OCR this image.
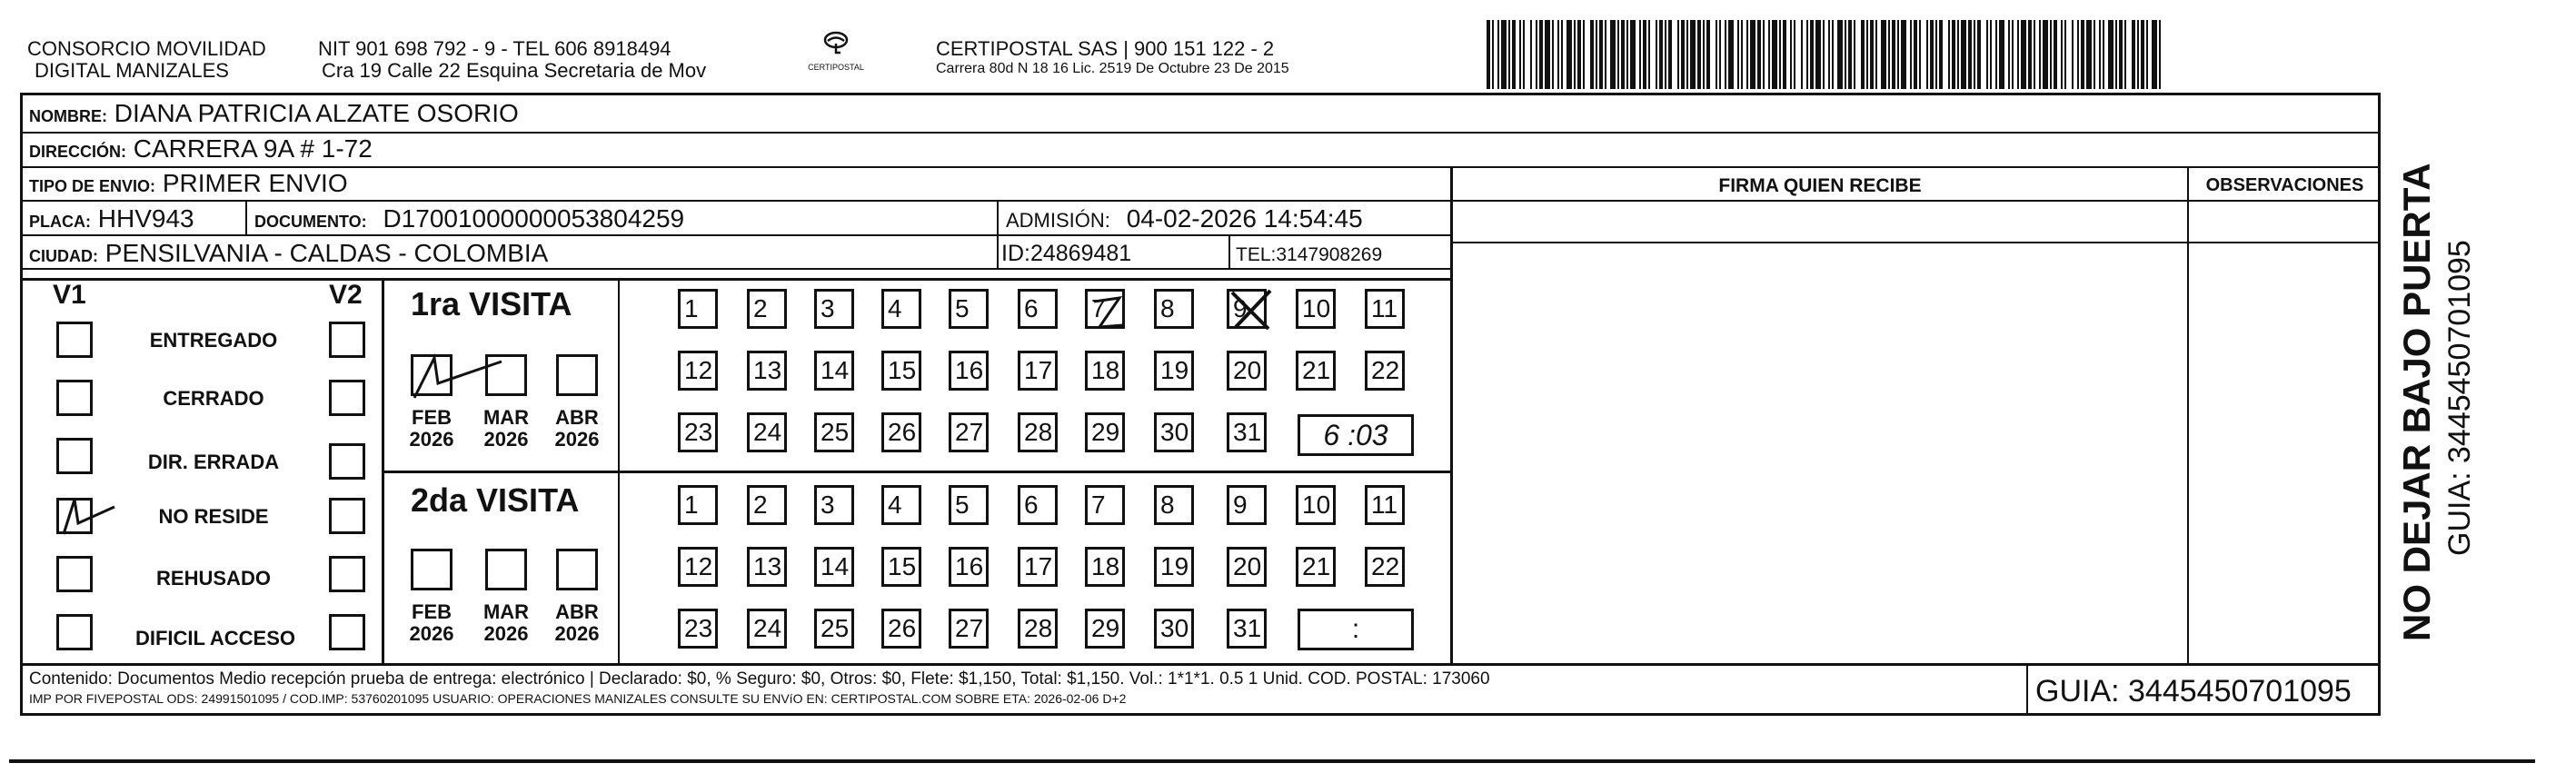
CONSORCIO MOVILIDAD
DIGITAL MANIZALES
NIT 901 698 792 - 9 - TEL 606 8918494
Cra 19 Calle 22 Esquina Secretaria de Mov	CERTIPOSTAL
CERTIPOSTAL SAS | 900 151 122 - 2
Carrera 80d N 18 16 Lic. 2519 De Octubre 23 De 2015
NOMBRE: DIANA PATRICIA ALZATE OSORIO
DIRECCIÓN: CARRERA 9A # 1-72
TIPO DE ENVIO: PRIMER ENVIO
PLACA: HHV943	DOCUMENTO: D17001000000053804259	ADMISIÓN: 04-02-2026 14:54:45
CIUDAD: PENSILVANIA - CALDAS - COLOMBIA	ID:24869481	TEL:3147908269
FIRMA QUIEN RECIBE	OBSERVACIONES
V1	V2
ENTREGADO
CERRADO
DIR. ERRADA
NO RESIDE
REHUSADO
DIFICIL ACCESO
1ra VISITA
FEB
2026
MAR
2026
ABR
2026
1	2	3	4	5	6	7	8	9	10 11
12 13 14 15 16 17 18 19 20 21 22
23 24 25 26 27 28 29 30 31	6 :03
2da VISITA
FEB
2026
MAR
2026
ABR
2026
1	2	3	4	5	6	7	8	9	10 11
12 13 14 15 16 17 18 19 20 21 22
23 24 25 26 27 28 29 30 31	:
Contenido: Documentos Medio recepción prueba de entrega: electrónico | Declarado: $0, % Seguro: $0, Otros: $0, Flete: $1,150, Total: $1,150. Vol.: 1*1*1. 0.5 1 Unid. COD. POSTAL: 173060
IMP POR FIVEPOSTAL ODS: 24991501095 / COD.IMP: 53760201095 USUARIO: OPERACIONES MANIZALES CONSULTE SU ENVíO EN: CERTIPOSTAL.COM SOBRE ETA: 2026-02-06 D+2	GUIA: 3445450701095
NO DEJAR BAJO PUERTA GUIA: 3445450701095
